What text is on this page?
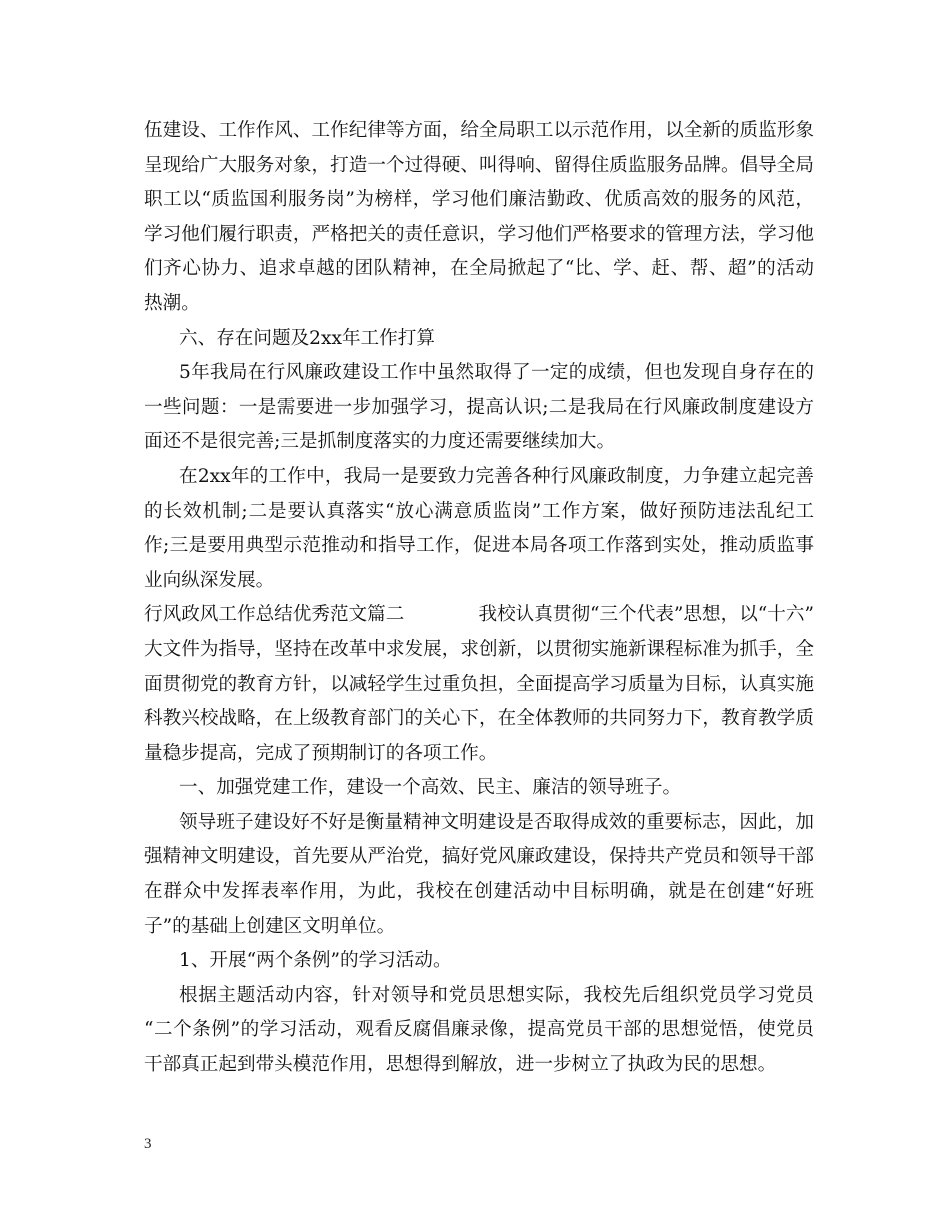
伍建设、工作作风、工作纪律等方面，给全局职工以示范作用，以全新的质监形象
呈现给广大服务对象，打造一个过得硬、叫得响、留得住质监服务品牌。倡导全局
职工以“质监国利服务岗”为榜样，学习他们廉洁勤政、优质高效的服务的风范，
学习他们履行职责，严格把关的责任意识，学习他们严格要求的管理方法，学习他
们齐心协力、追求卓越的团队精神，在全局掀起了“比、学、赶、帮、超”的活动
热潮。
六、存在问题及2xx年工作打算
5年我局在行风廉政建设工作中虽然取得了一定的成绩，但也发现自身存在的
一些问题：一是需要进一步加强学习，提高认识;二是我局在行风廉政制度建设方
面还不是很完善;三是抓制度落实的力度还需要继续加大。
在2xx年的工作中，我局一是要致力完善各种行风廉政制度，力争建立起完善
的长效机制;二是要认真落实“放心满意质监岗”工作方案，做好预防违法乱纪工
作;三是要用典型示范推动和指导工作，促进本局各项工作落到实处，推动质监事
业向纵深发展。
行风政风工作总结优秀范文篇二	我校认真贯彻“三个代表”思想，以“十六”
大文件为指导，坚持在改革中求发展，求创新，以贯彻实施新课程标准为抓手，全
面贯彻党的教育方针，以减轻学生过重负担，全面提高学习质量为目标，认真实施
科教兴校战略，在上级教育部门的关心下，在全体教师的共同努力下，教育教学质
量稳步提高，完成了预期制订的各项工作。
一、加强党建工作，建设一个高效、民主、廉洁的领导班子。
领导班子建设好不好是衡量精神文明建设是否取得成效的重要标志，因此，加
强精神文明建设，首先要从严治党，搞好党风廉政建设，保持共产党员和领导干部
在群众中发挥表率作用，为此，我校在创建活动中目标明确，就是在创建“好班
子”的基础上创建区文明单位。
1、开展“两个条例”的学习活动。
根据主题活动内容，针对领导和党员思想实际，我校先后组织党员学习党员
“二个条例”的学习活动，观看反腐倡廉录像，提高党员干部的思想觉悟，使党员
干部真正起到带头模范作用，思想得到解放，进一步树立了执政为民的思想。
3
